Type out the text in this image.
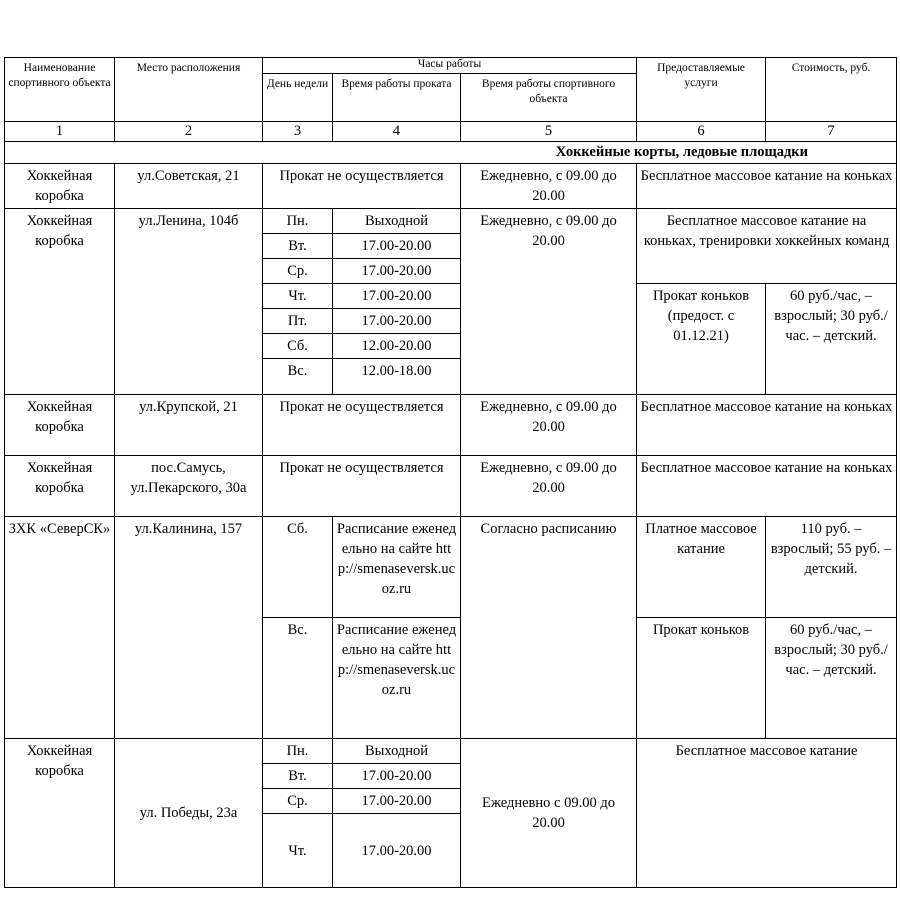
Наименование спортивного объекта	Место расположения	Часы работы			Предоставляемые услуги	Стоимость, руб.
		День недели	Время работы проката	Время работы спортивного объекта		
1	2	3	4	5	6	7
Хоккейные корты, ледовые площадки						
Хоккейная коробка	ул.Советская, 21	Прокат не осуществляется		Ежедневно, с 09.00 до 20.00	Бесплатное массовое катание на коньках	
Хоккейная коробка	ул.Ленина, 104б	Пн.	Выходной	Ежедневно, с 09.00 до 20.00	Бесплатное массовое катание на коньках, тренировки хоккейных команд	
		Вт.	17.00-20.00			
		Ср.	17.00-20.00			
		Чт.	17.00-20.00		Прокат коньков (предост. с 01.12.21)	60 руб./час, – взрослый; 30 руб./час. – детский.
		Пт.	17.00-20.00			
		Сб.	12.00-20.00			
		Вс.	12.00-18.00			
Хоккейная коробка	ул.Крупской, 21	Прокат не осуществляется		Ежедневно, с 09.00 до 20.00	Бесплатное массовое катание на коньках	
Хоккейная коробка	пос.Самусь, ул.Пекарского, 30а	Прокат не осуществляется		Ежедневно, с 09.00 до 20.00	Бесплатное массовое катание на коньках	
ЗХК «СеверСК»	ул.Калинина, 157	Сб.	Расписание еженедельно на сайте http://smenaseversk.ucoz.ru	Согласно расписанию	Платное массовое катание	110 руб. – взрослый; 55 руб. – детский.
		Вс.	Расписание еженедельно на сайте http://smenaseversk.ucoz.ru		Прокат коньков	60 руб./час, – взрослый; 30 руб./час. – детский.
Хоккейная коробка	ул. Победы, 23а	Пн.	Выходной	Ежедневно с 09.00 до 20.00	Бесплатное массовое катание	
		Вт.	17.00-20.00			
		Ср.	17.00-20.00			
		Чт.	17.00-20.00			
